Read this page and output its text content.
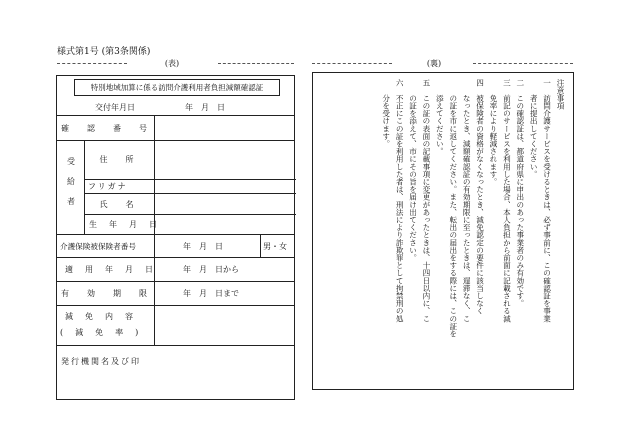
様式第1号 (第3条関係)
(表)	(裏)
特別地域加算に係る訪問介護利用者負担減額確認証
交付年月日	年　月　日
確　認　番　号
受給者	住　所
フリガナ
氏　名
生　年　月　日
介護保険被保険者番号	年　月　日	男・女
適　用　年　月　日	年　月　日から
有　効　期　限	年　月　日まで
減　免　内　容
(　減　免　率　)
発行機関名及び印
注意事項
一　訪問介護サービスを受けるときは、必ず事前に、この確認証を事業
　　者に提出してください。
二　この確認証は、都道府県に申出のあった事業者のみ有効です。
三　前記のサービスを利用した場合、本人負担から前面に記載される減
　　免率により軽減されます。
四　被保険者の資格がなくなったとき、減免認定の要件に該当しなく
　　なったとき、減額確認証の有効期限に至ったときは、遅滞なく、こ
　　の証を市に返してください。また、転出の届出をする際には、この証を
　　添えてください。
五　この証の表面の記載事項に変更があったときは、十四日以内に、こ
　　の証を添えて、市にその旨を届け出てください。
六　不正にこの証を利用した者は、刑法により詐欺罪として拘禁刑の処
　　分を受けます。
